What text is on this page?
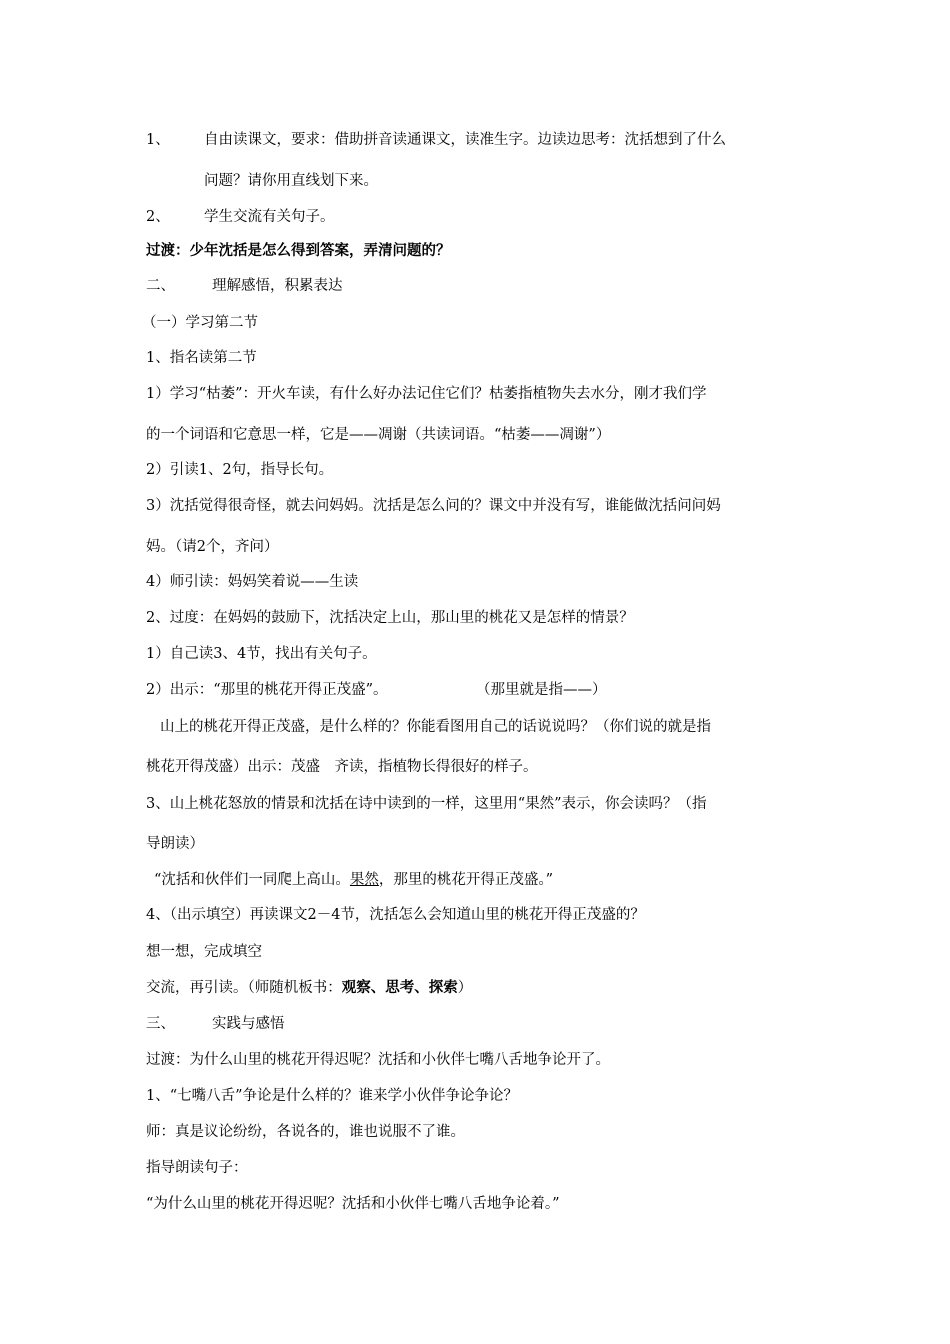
1、 自由读课文，要求：借助拼音读通课文，读准生字。边读边思考：沈括想到了什么
问题？请你用直线划下来。
2、 学生交流有关句子。
过渡：少年沈括是怎么得到答案，弄清问题的？
二、	理解感悟，积累表达
（一）学习第二节
1、指名读第二节
1）学习“枯萎”：开火车读，有什么好办法记住它们？枯萎指植物失去水分，刚才我们学
的一个词语和它意思一样，它是——凋谢（共读词语。“枯萎——凋谢”）
2）引读1、2句，指导长句。
3）沈括觉得很奇怪，就去问妈妈。沈括是怎么问的？课文中并没有写，谁能做沈括问问妈
妈。（请2个，齐问）
4）师引读：妈妈笑着说——生读
2、过度：在妈妈的鼓励下，沈括决定上山，那山里的桃花又是怎样的情景？
1）自己读3、4节，找出有关句子。
2）出示：“那里的桃花开得正茂盛”。	（那里就是指——）
山上的桃花开得正茂盛，是什么样的？你能看图用自己的话说说吗？（你们说的就是指
桃花开得茂盛）出示：茂盛　齐读，指植物长得很好的样子。
3、山上桃花怒放的情景和沈括在诗中读到的一样，这里用“果然”表示，你会读吗？（指
导朗读）
“沈括和伙伴们一同爬上高山。果然，那里的桃花开得正茂盛。”
4、（出示填空）再读课文2－4节，沈括怎么会知道山里的桃花开得正茂盛的？
想一想，完成填空
交流，再引读。（师随机板书：观察、思考、探索）
三、	实践与感悟
过渡：为什么山里的桃花开得迟呢？沈括和小伙伴七嘴八舌地争论开了。
1、“七嘴八舌”争论是什么样的？谁来学小伙伴争论争论？
师：真是议论纷纷，各说各的，谁也说服不了谁。
指导朗读句子：
“为什么山里的桃花开得迟呢？沈括和小伙伴七嘴八舌地争论着。”
